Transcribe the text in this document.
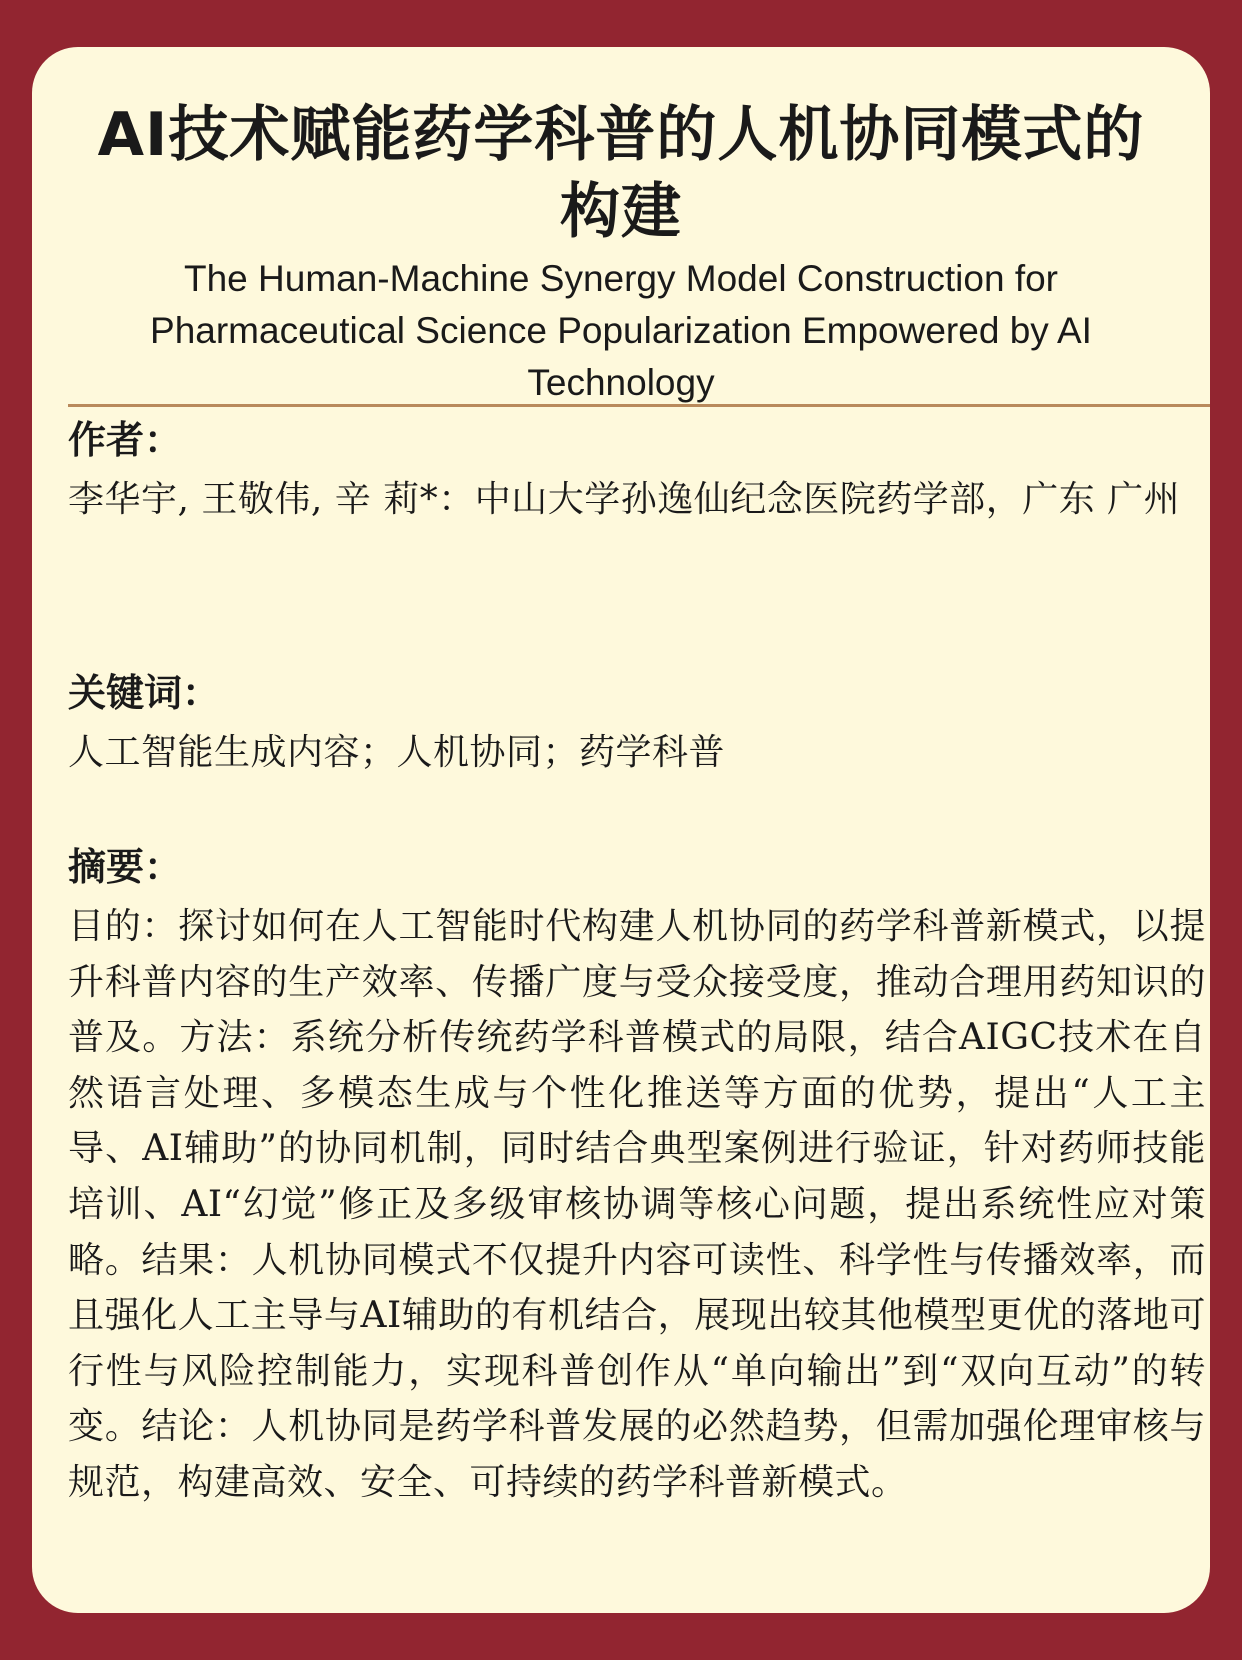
AI技术赋能药学科普的人机协同模式的构建
The Human-Machine Synergy Model Construction for Pharmaceutical Science Popularization Empowered by AI Technology
作者：
李华宇, 王敬伟, 辛 莉*：中山大学孙逸仙纪念医院药学部，广东 广州
关键词：
人工智能生成内容；人机协同；药学科普
摘要：
目的：探讨如何在人工智能时代构建人机协同的药学科普新模式，以提升科普内容的生产效率、传播广度与受众接受度，推动合理用药知识的普及。方法：系统分析传统药学科普模式的局限，结合AIGC技术在自然语言处理、多模态生成与个性化推送等方面的优势，提出“人工主导、AI辅助”的协同机制，同时结合典型案例进行验证，针对药师技能培训、AI“幻觉”修正及多级审核协调等核心问题，提出系统性应对策略。结果：人机协同模式不仅提升内容可读性、科学性与传播效率，而且强化人工主导与AI辅助的有机结合，展现出较其他模型更优的落地可行性与风险控制能力，实现科普创作从“单向输出”到“双向互动”的转变。结论：人机协同是药学科普发展的必然趋势，但需加强伦理审核与规范，构建高效、安全、可持续的药学科普新模式。
